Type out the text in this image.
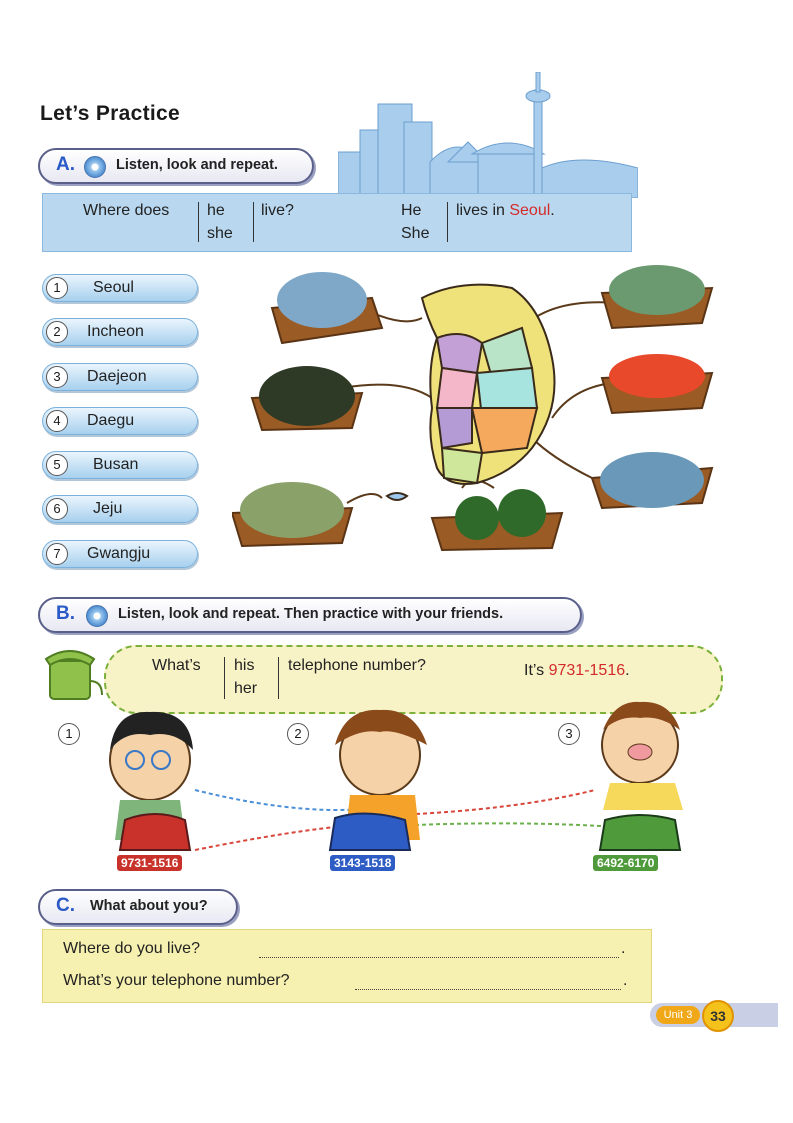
Let’s Practice
A.	Listen, look and repeat.
Where does he
she
live?	He
She
lives in Seoul.
1	Seoul
2	Incheon
3	Daejeon
4	Daegu
5	Busan
6	Jeju
7	Gwangju
B.	Listen, look and repeat. Then practice with your friends.
What’s his
her
telephone number?	It’s 9731-1516.
1	2	3
9731-1516	3143-1518	6492-6170
C. What about you?
Where do you live?	.
What’s your telephone number?	.
Unit 3	33
